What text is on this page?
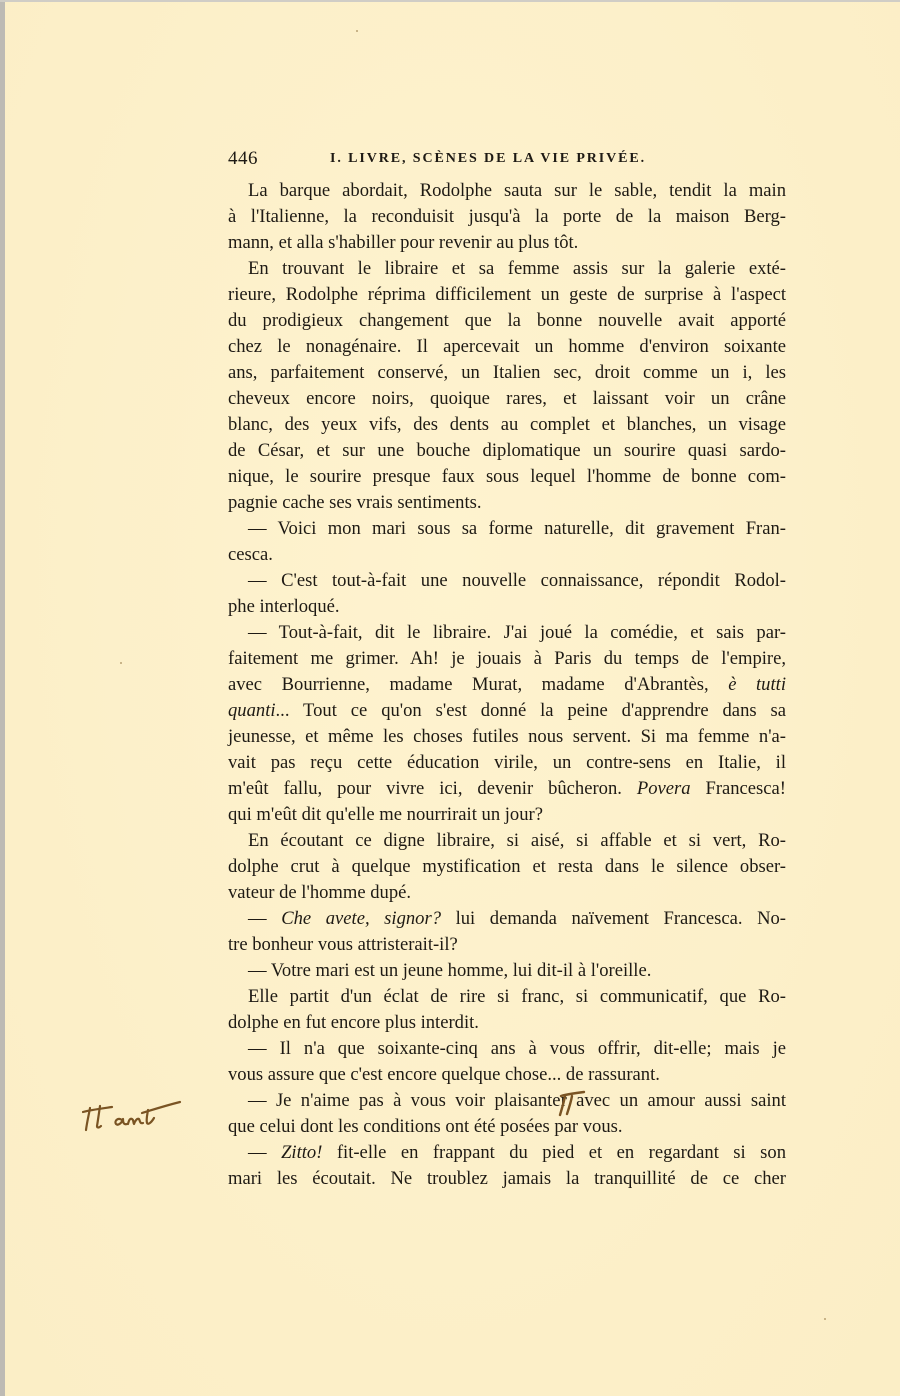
446	I. LIVRE, SCÈNES DE LA VIE PRIVÉE.
La barque abordait, Rodolphe sauta sur le sable, tendit la main
à l'Italienne, la reconduisit jusqu'à la porte de la maison Berg-
mann, et alla s'habiller pour revenir au plus tôt.
En trouvant le libraire et sa femme assis sur la galerie exté-
rieure, Rodolphe réprima difficilement un geste de surprise à l'aspect
du prodigieux changement que la bonne nouvelle avait apporté
chez le nonagénaire. Il apercevait un homme d'environ soixante
ans, parfaitement conservé, un Italien sec, droit comme un i, les
cheveux encore noirs, quoique rares, et laissant voir un crâne
blanc, des yeux vifs, des dents au complet et blanches, un visage
de César, et sur une bouche diplomatique un sourire quasi sardo-
nique, le sourire presque faux sous lequel l'homme de bonne com-
pagnie cache ses vrais sentiments.
— Voici mon mari sous sa forme naturelle, dit gravement Fran-
cesca.
— C'est tout-à-fait une nouvelle connaissance, répondit Rodol-
phe interloqué.
— Tout-à-fait, dit le libraire. J'ai joué la comédie, et sais par-
faitement me grimer. Ah! je jouais à Paris du temps de l'empire,
avec Bourrienne, madame Murat, madame d'Abrantès, è tutti
quanti... Tout ce qu'on s'est donné la peine d'apprendre dans sa
jeunesse, et même les choses futiles nous servent. Si ma femme n'a-
vait pas reçu cette éducation virile, un contre-sens en Italie, il
m'eût fallu, pour vivre ici, devenir bûcheron. Povera Francesca!
qui m'eût dit qu'elle me nourrirait un jour?
En écoutant ce digne libraire, si aisé, si affable et si vert, Ro-
dolphe crut à quelque mystification et resta dans le silence obser-
vateur de l'homme dupé.
— Che avete, signor? lui demanda naïvement Francesca. No-
tre bonheur vous attristerait-il?
— Votre mari est un jeune homme, lui dit-il à l'oreille.
Elle partit d'un éclat de rire si franc, si communicatif, que Ro-
dolphe en fut encore plus interdit.
— Il n'a que soixante-cinq ans à vous offrir, dit-elle; mais je
vous assure que c'est encore quelque chose... de rassurant.
— Je n'aime pas à vous voir plaisanter avec un amour aussi saint
que celui dont les conditions ont été posées par vous.
— Zitto! fit-elle en frappant du pied et en regardant si son
mari les écoutait. Ne troublez jamais la tranquillité de ce cher
